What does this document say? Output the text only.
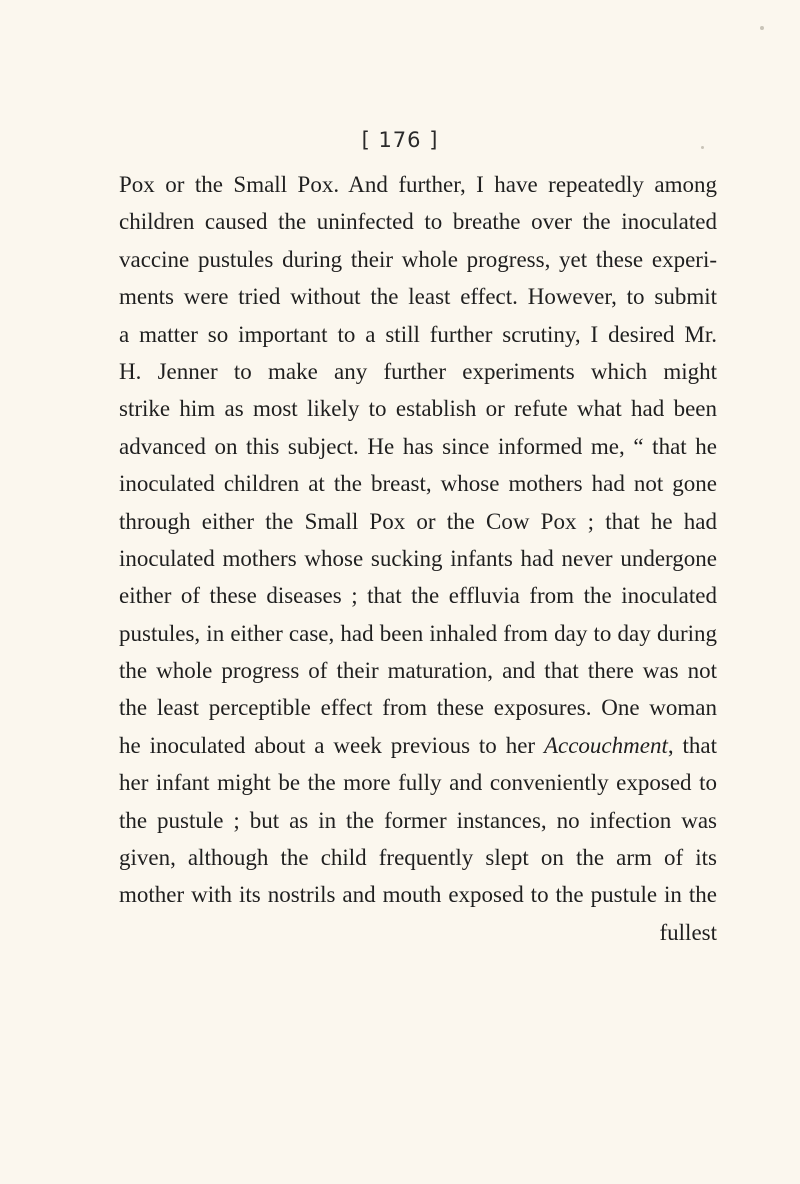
[ 176 ]
Pox or the Small Pox. And further, I have repeatedly among
children caused the uninfected to breathe over the inoculated
vaccine pustules during their whole progress, yet these experi-
ments were tried without the least effect. However, to submit
a matter so important to a still further scrutiny, I desired Mr.
H. Jenner to make any further experiments which might
strike him as most likely to establish or refute what had been
advanced on this subject. He has since informed me, “ that he
inoculated children at the breast, whose mothers had not gone
through either the Small Pox or the Cow Pox ; that he had
inoculated mothers whose sucking infants had never undergone
either of these diseases ; that the effluvia from the inoculated
pustules, in either case, had been inhaled from day to day during
the whole progress of their maturation, and that there was not
the least perceptible effect from these exposures. One woman
he inoculated about a week previous to her Accouchment, that
her infant might be the more fully and conveniently exposed to
the pustule ; but as in the former instances, no infection was
given, although the child frequently slept on the arm of its
mother with its nostrils and mouth exposed to the pustule in the
fullest
